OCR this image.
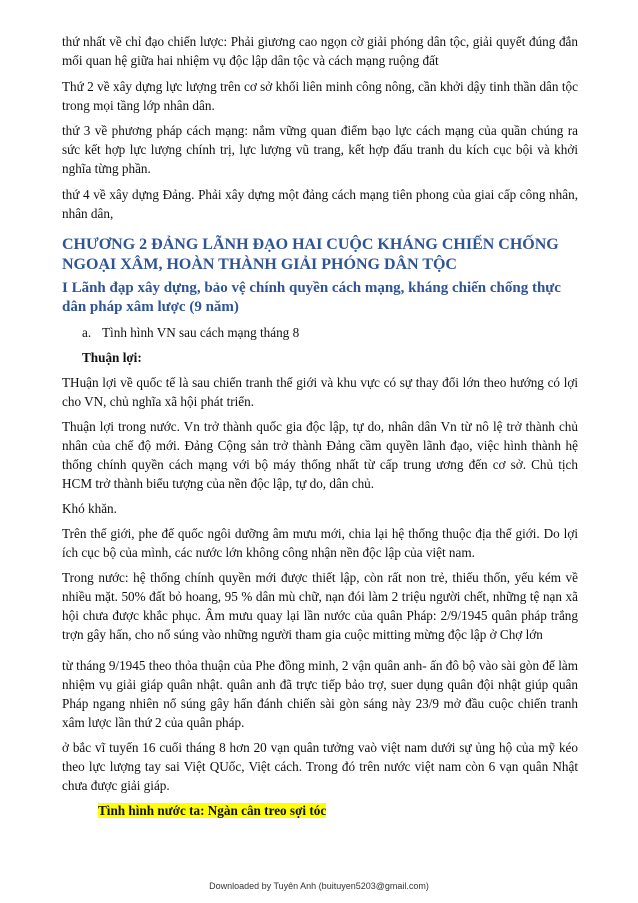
thứ nhất về chỉ đạo chiến lược: Phải giương cao ngọn cờ giải phóng dân tộc, giải quyết đúng đắn mối quan hệ giữa hai nhiệm vụ độc lập dân tộc và cách mạng ruộng đất

Thứ 2 về xây dựng lực lượng trên cơ sở khối liên minh công nông, cần khởi dậy tinh thần dân tộc trong mọi tầng lớp nhân dân.

thứ 3 về phương pháp cách mạng: nắm vững quan điểm bạo lực cách mạng của quần chúng ra sức kết hợp lực lượng chính trị, lực lượng vũ trang, kết hợp đấu tranh du kích cục bội và khởi nghĩa từng phần.

thứ 4 về xây dựng Đảng. Phải xây dựng một đảng cách mạng tiên phong của giai cấp công nhân, nhân dân,

CHƯƠNG 2 ĐẢNG LÃNH ĐẠO HAI CUỘC KHÁNG CHIẾN CHỐNG NGOẠI XÂM, HOÀN THÀNH GIẢI PHÓNG DÂN TỘC
I Lãnh đạp xây dựng, bảo vệ chính quyền cách mạng, kháng chiến chống thực dân pháp xâm lược (9 năm)
a. Tình hình VN sau cách mạng tháng 8
Thuận lợi:

THuận lợi về quốc tế là sau chiến tranh thế giới và khu vực có sự thay đổi lớn theo hướng có lợi cho VN, chủ nghĩa xã hội phát triển.

Thuận lợi trong nước. Vn trở thành quốc gia độc lập, tự do, nhân dân Vn từ nô lệ trở thành chủ nhân của chế độ mới. Đảng Cộng sản trở thành Đảng cầm quyền lãnh đạo, việc hình thành hệ thống chính quyền cách mạng với bộ máy thống nhất từ cấp trung ương đến cơ sở. Chủ tịch HCM trở thành biểu tượng của nền độc lập, tự do, dân chủ.

Khó khăn.

Trên thế giới, phe đế quốc ngôi dưỡng âm mưu mới, chia lại hệ thống thuộc địa thế giới. Do lợi ích cục bộ của mình, các nước lớn không công nhận nền độc lập của việt nam.

Trong nước: hệ thống chính quyền mới được thiết lập, còn rất non trẻ, thiếu thốn, yếu kém về nhiều mặt. 50% đất bỏ hoang, 95 % dân mù chữ, nạn đói làm 2 triệu người chết, những tệ nạn xã hội chưa được khắc phục. Âm mưu quay lại lần nước của quân Pháp: 2/9/1945 quân pháp trắng trợn gây hấn, cho nổ súng vào những người tham gia cuộc mitting mừng độc lập ở Chợ lớn

từ tháng 9/1945 theo thỏa thuận của Phe đồng minh, 2 vận quân anh- ấn đô bộ vào sài gòn để làm nhiệm vụ giải giáp quân nhật. quân anh đã trực tiếp bảo trợ, suer dụng quân đội nhật giúp quân Pháp ngang nhiên nổ súng gây hấn đánh chiến sài gòn sáng này 23/9 mở đầu cuộc chiến tranh xâm lược lần thứ 2 của quân pháp.

ở bắc vĩ tuyến 16 cuối tháng 8 hơn 20 vạn quân tưởng vaò việt nam dưới sự ủng hộ của mỹ kéo theo lực lượng tay sai Việt QUốc, Việt cách. Trong đó trên nước việt nam còn 6 vạn quân Nhật chưa được giải giáp.

Tình hình nước ta: Ngàn cân treo sợi tóc
Downloaded by Tuyên Anh (buituyen5203@gmail.com)
